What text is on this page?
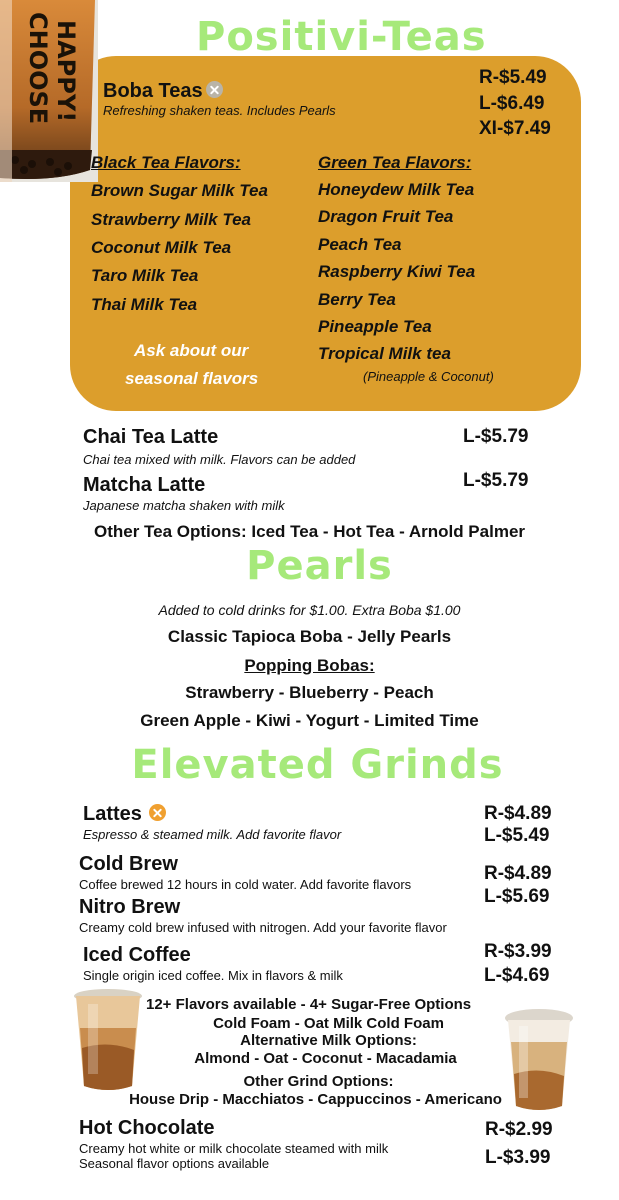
CHOOSE HAPPY!	Positivi-Teas
Boba Teas
Refreshing shaken teas. Includes Pearls
R-$5.49
L-$6.49
XI-$7.49
Black Tea Flavors:
Brown Sugar Milk Tea
Strawberry Milk Tea
Coconut Milk Tea
Taro Milk Tea
Thai Milk Tea
Green Tea Flavors:
Honeydew Milk Tea
Dragon Fruit Tea
Peach Tea
Raspberry Kiwi Tea
Berry Tea
Pineapple Tea
Tropical Milk tea
(Pineapple & Coconut)
Ask about our
seasonal flavors
Chai Tea Latte
Chai tea mixed with milk. Flavors can be added
L-$5.79
Matcha Latte
Japanese matcha shaken with milk
L-$5.79
Other Tea Options: Iced Tea - Hot Tea - Arnold Palmer
Pearls
Added to cold drinks for $1.00. Extra Boba $1.00
Classic Tapioca Boba - Jelly Pearls
Popping Bobas:
Strawberry - Blueberry - Peach
Green Apple - Kiwi - Yogurt - Limited Time
Elevated Grinds
Lattes
Espresso & steamed milk. Add favorite flavor
R-$4.89
L-$5.49
Cold Brew
Coffee brewed 12 hours in cold water. Add favorite flavors
R-$4.89
L-$5.69
Nitro Brew
Creamy cold brew infused with nitrogen. Add your favorite flavor
Iced Coffee
Single origin iced coffee. Mix in flavors & milk
R-$3.99
L-$4.69
12+ Flavors available - 4+ Sugar-Free Options
Cold Foam - Oat Milk Cold Foam
Alternative Milk Options:
Almond - Oat - Coconut - Macadamia
Other Grind Options:
House Drip - Macchiatos - Cappuccinos - Americano
Hot Chocolate
Creamy hot white or milk chocolate steamed with milk
Seasonal flavor options available
R-$2.99
L-$3.99
